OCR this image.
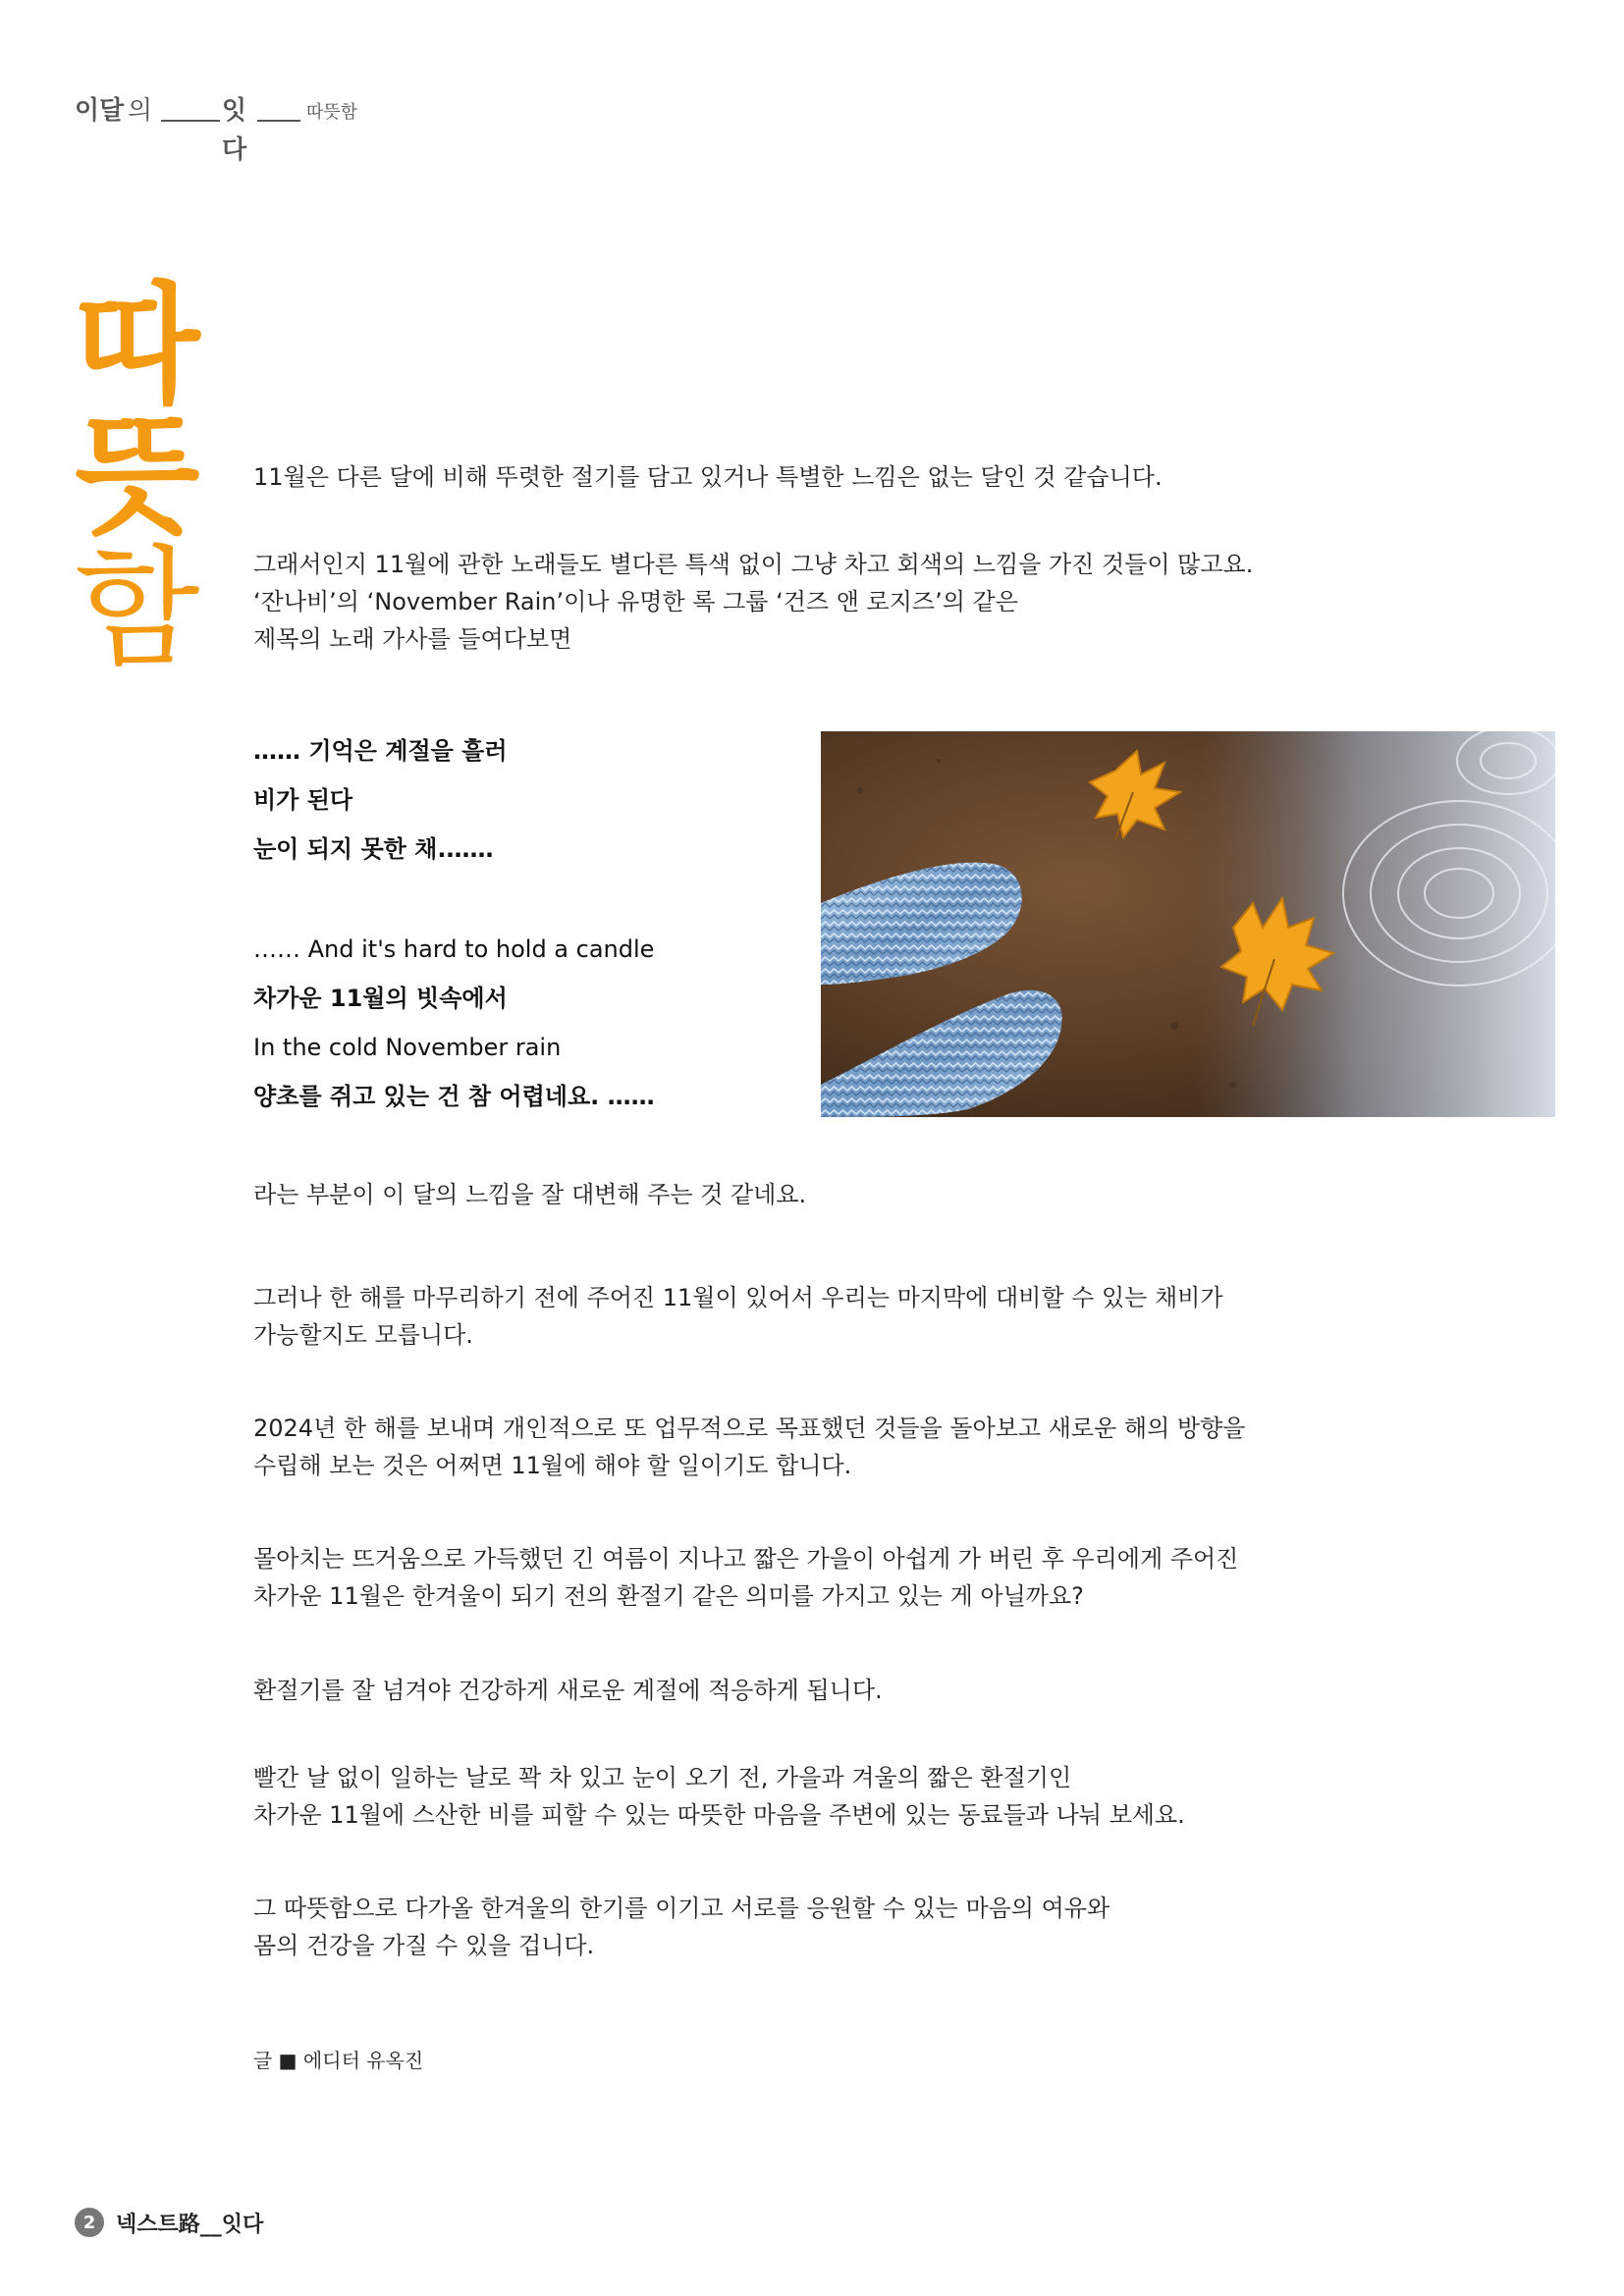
이달 의	잇
다
따뜻함
따
뜻
함

11월은 다른 달에 비해 뚜렷한 절기를 담고 있거나 특별한 느낌은 없는 달인 것 같습니다.

그래서인지 11월에 관한 노래들도 별다른 특색 없이 그냥 차고 회색의 느낌을 가진 것들이 많고요.
‘잔나비’의 ‘November Rain’이나 유명한 록 그룹 ‘건즈 앤 로지즈’의 같은
제목의 노래 가사를 들여다보면

…… 기억은 계절을 흘러
비가 된다
눈이 되지 못한 채.……
…… And it's hard to hold a candle
차가운 11월의 빗속에서
In the cold November rain
양초를 쥐고 있는 건 참 어렵네요. ……

라는 부분이 이 달의 느낌을 잘 대변해 주는 것 같네요.

그러나 한 해를 마무리하기 전에 주어진 11월이 있어서 우리는 마지막에 대비할 수 있는 채비가
가능할지도 모릅니다.

2024년 한 해를 보내며 개인적으로 또 업무적으로 목표했던 것들을 돌아보고 새로운 해의 방향을
수립해 보는 것은 어쩌면 11월에 해야 할 일이기도 합니다.

몰아치는 뜨거움으로 가득했던 긴 여름이 지나고 짧은 가을이 아쉽게 가 버린 후 우리에게 주어진
차가운 11월은 한겨울이 되기 전의 환절기 같은 의미를 가지고 있는 게 아닐까요?

환절기를 잘 넘겨야 건강하게 새로운 계절에 적응하게 됩니다.

빨간 날 없이 일하는 날로 꽉 차 있고 눈이 오기 전, 가을과 겨울의 짧은 환절기인
차가운 11월에 스산한 비를 피할 수 있는 따뜻한 마음을 주변에 있는 동료들과 나눠 보세요.

그 따뜻함으로 다가올 한겨울의 한기를 이기고 서로를 응원할 수 있는 마음의 여유와
몸의 건강을 가질 수 있을 겁니다.

글 ■ 에디터 유옥진
2 넥스트路__잇다
